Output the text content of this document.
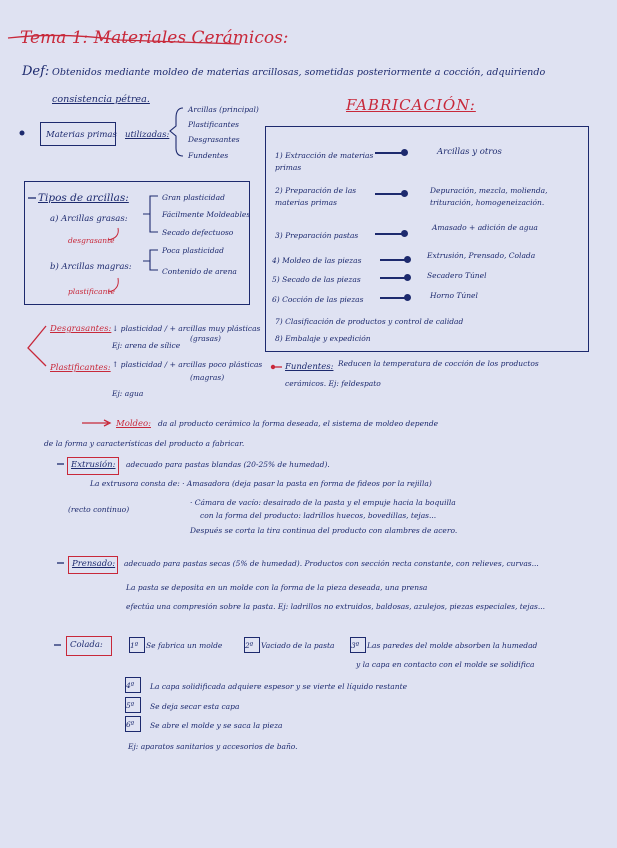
Tema 1: Materiales Cerámicos:
Def: Obtenidos mediante moldeo de materias arcillosas, sometidas posteriormente a cocción, adquiriendo
consistencia pétrea.
Materias primas utilizadas:
Arcillas (principal)
Plastificantes
Desgrasantes
Fundentes
Tipos de arcillas:
a) Arcillas grasas:
Gran plasticidad
Fácilmente Moldeables
Secado defectuoso
desgrasante
b) Arcillas magras:
Poca plasticidad
Contenido de arena
plastificante
FABRICACIÓN:
1) Extracción de materias primas
Arcillas y otros
2) Preparación de las materias primas
Depuración, mezcla, molienda, trituración, homogeneización.
3) Preparación pastas
Amasado + adición de agua
4) Moldeo de las piezas
Extrusión, Prensado, Colada
5) Secado de las piezas	Secadero Túnel
6) Cocción de las piezas	Horno Túnel
7) Clasificación de productos y control de calidad
8) Embalaje y expedición
Desgrasantes: ↓ plasticidad / + arcillas muy plásticas
(grasas)
Ej: arena de sílice
Plastificantes: ↑ plasticidad / + arcillas poco plásticas
(magras)
Ej: agua
Fundentes: Reducen la temperatura de cocción de los productos
cerámicos. Ej: feldespato
Moldeo: da al producto cerámico la forma deseada, el sistema de moldeo depende
de la forma y características del producto a fabricar.
Extrusión: adecuado para pastas blandas (20-25% de humedad).
La extrusora consta de: · Amasadora (deja pasar la pasta en forma de fideos por la rejilla)
· Cámara de vacío: desairado de la pasta y el empuje hacia la boquilla
con la forma del producto: ladrillos huecos, bovedillas, tejas...
Después se corta la tira continua del producto con alambres de acero.
(recto continuo)
Prensado: adecuado para pastas secas (5% de humedad). Productos con sección recta constante, con relieves, curvas...
La pasta se deposita en un molde con la forma de la pieza deseada, una prensa
efectúa una compresión sobre la pasta. Ej: ladrillos no extruidos, baldosas, azulejos, piezas especiales, tejas...
Colada:	1º Se fabrica un molde	2º Vaciado de la pasta 3º Las paredes del molde absorben la humedad
y la capa en contacto con el molde se solidifica
4º La capa solidificada adquiere espesor y se vierte el líquido restante
5º Se deja secar esta capa
6º Se abre el molde y se saca la pieza
Ej: aparatos sanitarios y accesorios de baño.
